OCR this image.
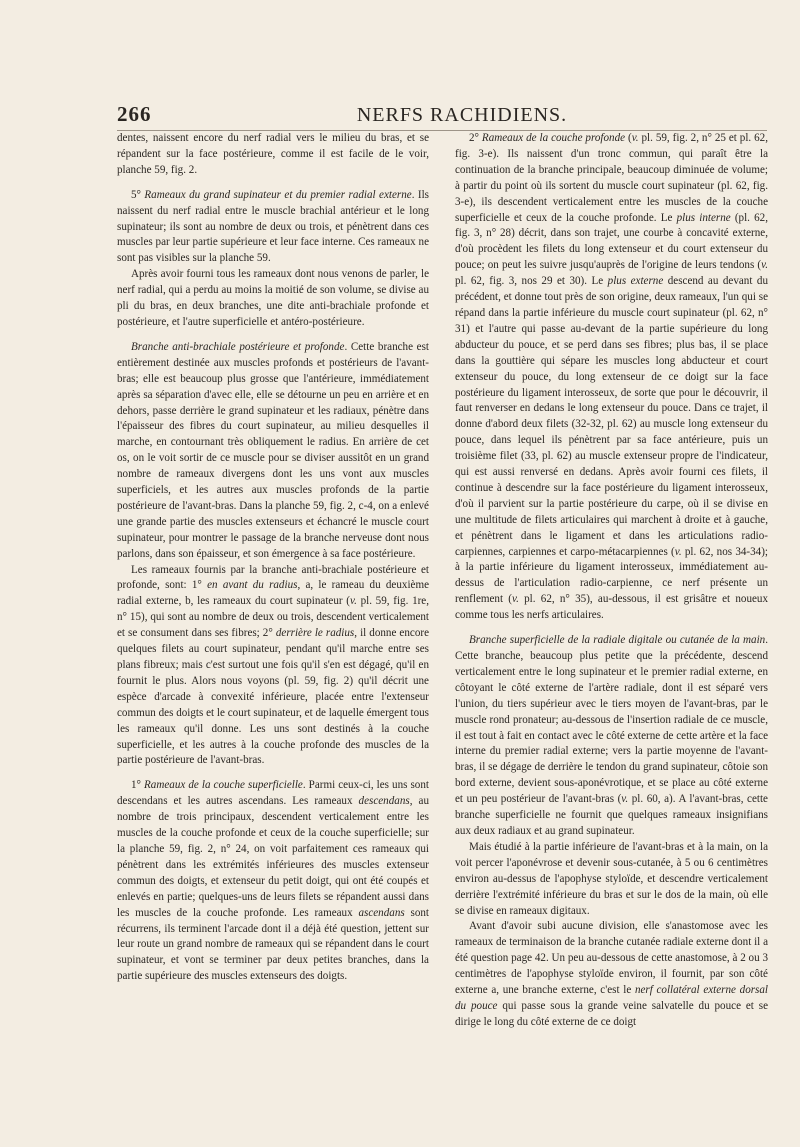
266	NERFS RACHIDIENS.

dentes, naissent encore du nerf radial vers le milieu du bras, et se répandent sur la face postérieure, comme il est facile de le voir, planche 59, fig. 2.

5° Rameaux du grand supinateur et du premier radial externe. Ils naissent du nerf radial entre le muscle brachial antérieur et le long supinateur; ils sont au nombre de deux ou trois, et pénètrent dans ces muscles par leur partie supérieure et leur face interne. Ces rameaux ne sont pas visibles sur la planche 59.

Après avoir fourni tous les rameaux dont nous venons de parler, le nerf radial, qui a perdu au moins la moitié de son volume, se divise au pli du bras, en deux branches, une dite anti-brachiale profonde et postérieure, et l'autre superficielle et antéro-postérieure.

Branche anti-brachiale postérieure et profonde. Cette branche est entièrement destinée aux muscles profonds et postérieurs de l'avant-bras; elle est beaucoup plus grosse que l'antérieure, immédiatement après sa séparation d'avec elle, elle se détourne un peu en arrière et en dehors, passe derrière le grand supinateur et les radiaux, pénètre dans l'épaisseur des fibres du court supinateur, au milieu desquelles il marche, en contournant très obliquement le radius. En arrière de cet os, on le voit sortir de ce muscle pour se diviser aussitôt en un grand nombre de rameaux divergens dont les uns vont aux muscles superficiels, et les autres aux muscles profonds de la partie postérieure de l'avant-bras. Dans la planche 59, fig. 2, c-4, on a enlevé une grande partie des muscles extenseurs et échancré le muscle court supinateur, pour montrer le passage de la branche nerveuse dont nous parlons, dans son épaisseur, et son émergence à sa face postérieure.

Les rameaux fournis par la branche anti-brachiale postérieure et profonde, sont: 1° en avant du radius, a, le rameau du deuxième radial externe, b, les rameaux du court supinateur (v. pl. 59, fig. 1re, n° 15), qui sont au nombre de deux ou trois, descendent verticalement et se consument dans ses fibres; 2° derrière le radius, il donne encore quelques filets au court supinateur, pendant qu'il marche entre ses plans fibreux; mais c'est surtout une fois qu'il s'en est dégagé, qu'il en fournit le plus. Alors nous voyons (pl. 59, fig. 2) qu'il décrit une espèce d'arcade à convexité inférieure, placée entre l'extenseur commun des doigts et le court supinateur, et de laquelle émergent tous les rameaux qu'il donne. Les uns sont destinés à la couche superficielle, et les autres à la couche profonde des muscles de la partie postérieure de l'avant-bras.

1° Rameaux de la couche superficielle. Parmi ceux-ci, les uns sont descendans et les autres ascendans. Les rameaux descendans, au nombre de trois principaux, descendent verticalement entre les muscles de la couche profonde et ceux de la couche superficielle; sur la planche 59, fig. 2, n° 24, on voit parfaitement ces rameaux qui pénètrent dans les extrémités inférieures des muscles extenseur commun des doigts, et extenseur du petit doigt, qui ont été coupés et enlevés en partie; quelques-uns de leurs filets se répandent aussi dans les muscles de la couche profonde. Les rameaux ascendans sont récurrens, ils terminent l'arcade dont il a déjà été question, jettent sur leur route un grand nombre de rameaux qui se répandent dans le court supinateur, et vont se terminer par deux petites branches, dans la partie supérieure des muscles extenseurs des doigts.

2° Rameaux de la couche profonde (v. pl. 59, fig. 2, n° 25 et pl. 62, fig. 3-e). Ils naissent d'un tronc commun, qui paraît être la continuation de la branche principale, beaucoup diminuée de volume; à partir du point où ils sortent du muscle court supinateur (pl. 62, fig. 3-e), ils descendent verticalement entre les muscles de la couche superficielle et ceux de la couche profonde. Le plus interne (pl. 62, fig. 3, n° 28) décrit, dans son trajet, une courbe à concavité externe, d'où procèdent les filets du long extenseur et du court extenseur du pouce; on peut les suivre jusqu'auprès de l'origine de leurs tendons (v. pl. 62, fig. 3, nos 29 et 30). Le plus externe descend au devant du précédent, et donne tout près de son origine, deux rameaux, l'un qui se répand dans la partie inférieure du muscle court supinateur (pl. 62, n° 31) et l'autre qui passe au-devant de la partie supérieure du long abducteur du pouce, et se perd dans ses fibres; plus bas, il se place dans la gouttière qui sépare les muscles long abducteur et court extenseur du pouce, du long extenseur de ce doigt sur la face postérieure du ligament interosseux, de sorte que pour le découvrir, il faut renverser en dedans le long extenseur du pouce. Dans ce trajet, il donne d'abord deux filets (32-32, pl. 62) au muscle long extenseur du pouce, dans lequel ils pénètrent par sa face antérieure, puis un troisième filet (33, pl. 62) au muscle extenseur propre de l'indicateur, qui est aussi renversé en dedans. Après avoir fourni ces filets, il continue à descendre sur la face postérieure du ligament interosseux, d'où il parvient sur la partie postérieure du carpe, où il se divise en une multitude de filets articulaires qui marchent à droite et à gauche, et pénètrent dans le ligament et dans les articulations radio-carpiennes, carpiennes et carpo-métacarpiennes (v. pl. 62, nos 34-34); à la partie inférieure du ligament interosseux, immédiatement au-dessus de l'articulation radio-carpienne, ce nerf présente un renflement (v. pl. 62, n° 35), au-dessous, il est grisâtre et noueux comme tous les nerfs articulaires.

Branche superficielle de la radiale digitale ou cutanée de la main. Cette branche, beaucoup plus petite que la précédente, descend verticalement entre le long supinateur et le premier radial externe, en côtoyant le côté externe de l'artère radiale, dont il est séparé vers l'union, du tiers supérieur avec le tiers moyen de l'avant-bras, par le muscle rond pronateur; au-dessous de l'insertion radiale de ce muscle, il est tout à fait en contact avec le côté externe de cette artère et la face interne du premier radial externe; vers la partie moyenne de l'avant-bras, il se dégage de derrière le tendon du grand supinateur, côtoie son bord externe, devient sous-aponévrotique, et se place au côté externe et un peu postérieur de l'avant-bras (v. pl. 60, a). A l'avant-bras, cette branche superficielle ne fournit que quelques rameaux insignifians aux deux radiaux et au grand supinateur.

Mais étudié à la partie inférieure de l'avant-bras et à la main, on la voit percer l'aponévrose et devenir sous-cutanée, à 5 ou 6 centimètres environ au-dessus de l'apophyse styloïde, et descendre verticalement derrière l'extrémité inférieure du bras et sur le dos de la main, où elle se divise en rameaux digitaux.

Avant d'avoir subi aucune division, elle s'anastomose avec les rameaux de terminaison de la branche cutanée radiale externe dont il a été question page 42. Un peu au-dessous de cette anastomose, à 2 ou 3 centimètres de l'apophyse styloïde environ, il fournit, par son côté externe a, une branche externe, c'est le nerf collatéral externe dorsal du pouce qui passe sous la grande veine salvatelle du pouce et se dirige le long du côté externe de ce doigt
